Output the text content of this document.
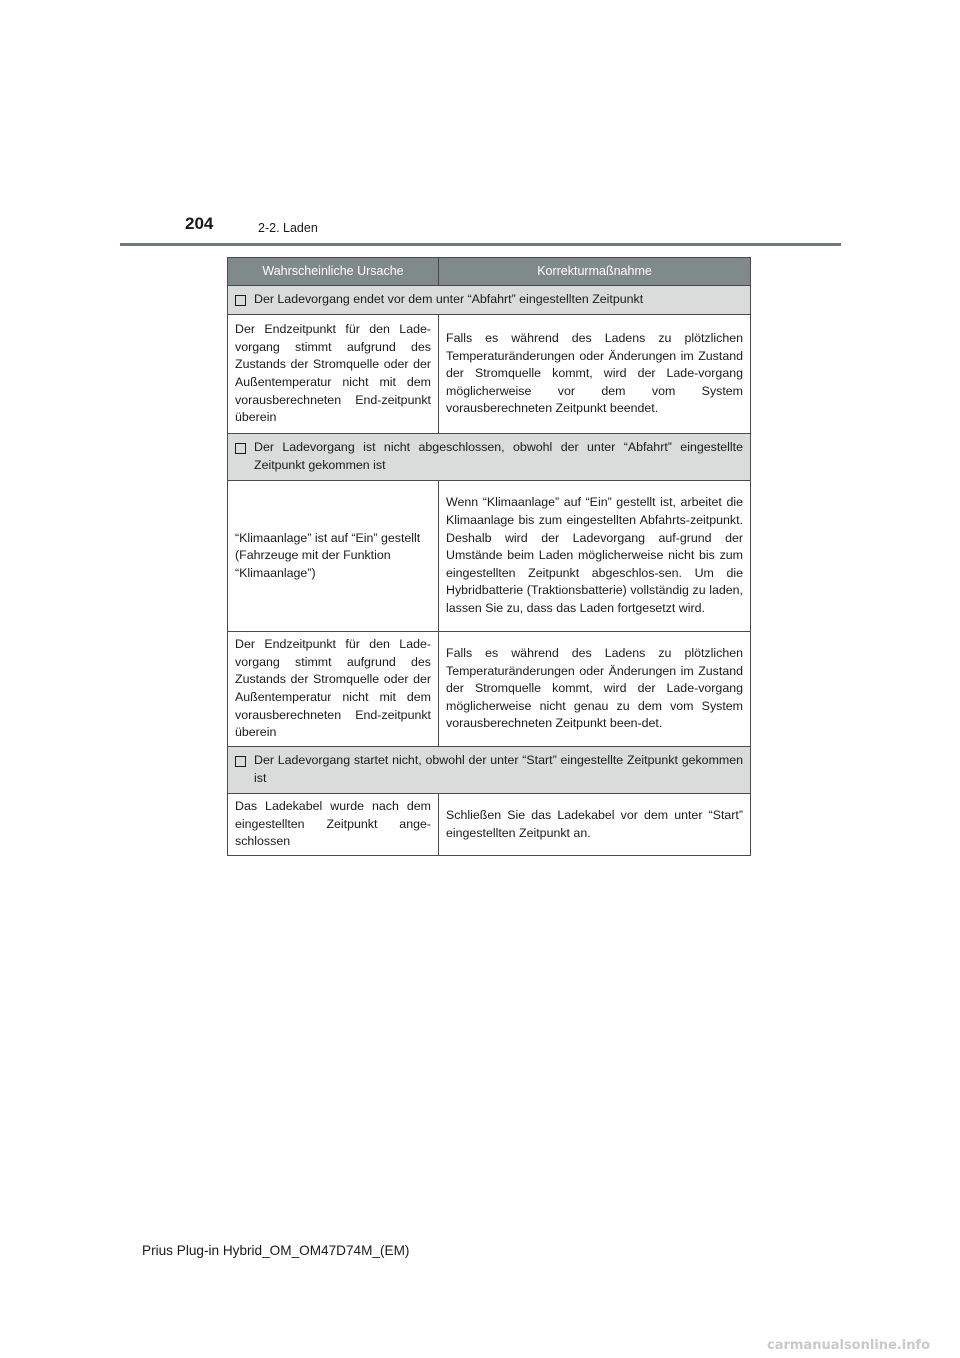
204	2-2. Laden
Wahrscheinliche Ursache	Korrekturmaßnahme

Der Ladevorgang endet vor dem unter “Abfahrt” eingestellten Zeitpunkt	

Der Endzeitpunkt für den Lade-vorgang stimmt aufgrund des Zustands der Stromquelle oder der Außentemperatur nicht mit dem vorausberechneten End-zeitpunkt überein	Falls es während des Ladens zu plötzlichen Temperaturänderungen oder Änderungen im Zustand der Stromquelle kommt, wird der Lade-vorgang möglicherweise vor dem vom System vorausberechneten Zeitpunkt beendet.

Der Ladevorgang ist nicht abgeschlossen, obwohl der unter “Abfahrt” eingestellte Zeitpunkt gekommen ist	

“Klimaanlage” ist auf “Ein” gestellt (Fahrzeuge mit der Funktion “Klimaanlage”)	Wenn “Klimaanlage” auf “Ein” gestellt ist, arbeitet die Klimaanlage bis zum eingestellten Abfahrts-zeitpunkt. Deshalb wird der Ladevorgang auf-grund der Umstände beim Laden möglicherweise nicht bis zum eingestellten Zeitpunkt abgeschlos-sen. Um die Hybridbatterie (Traktionsbatterie) vollständig zu laden, lassen Sie zu, dass das Laden fortgesetzt wird.
Der Endzeitpunkt für den Lade-vorgang stimmt aufgrund des Zustands der Stromquelle oder der Außentemperatur nicht mit dem vorausberechneten End-zeitpunkt überein	Falls es während des Ladens zu plötzlichen Temperaturänderungen oder Änderungen im Zustand der Stromquelle kommt, wird der Lade-vorgang möglicherweise nicht genau zu dem vom System vorausberechneten Zeitpunkt been-det.

Der Ladevorgang startet nicht, obwohl der unter “Start” eingestellte Zeitpunkt gekommen ist	

Das Ladekabel wurde nach dem eingestellten Zeitpunkt ange-schlossen	Schließen Sie das Ladekabel vor dem unter “Start” eingestellten Zeitpunkt an.
Prius Plug-in Hybrid_OM_OM47D74M_(EM)
carmanualsonline.info
